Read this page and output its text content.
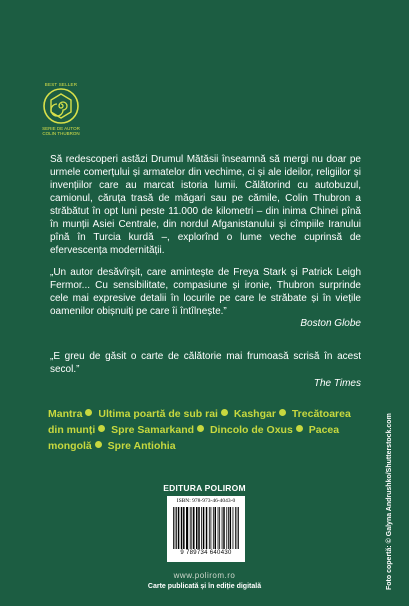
BEST SELLER
SERIE DE AUTOR
COLIN THUBRON
Să redescoperi astăzi Drumul Mătăsii înseamnă să mergi nu doar pe urmele comerțului și armatelor din vechime, ci și ale ideilor, religiilor și invențiilor care au marcat istoria lumii. Călătorind cu autobuzul, camionul, căruța trasă de măgari sau pe cămile, Colin Thubron a străbătut în opt luni peste 11.000 de kilometri – din inima Chinei pînă în munții Asiei Centrale, din nordul Afganistanului și cîmpiile Iranului pînă în Turcia kurdă –, explorînd o lume veche cuprinsă de efervescența modernității.
„Un autor desăvîrșit, care amintește de Freya Stark și Patrick Leigh Fermor... Cu sensibilitate, compasiune și ironie, Thubron surprinde cele mai expresive detalii în locurile pe care le străbate și în viețile oamenilor obișnuiți pe care îi întîlnește.”
Boston Globe
„E greu de găsit o carte de călătorie mai frumoasă scrisă în acest secol.”
The Times
Mantra Ultima poartă de sub rai Kashgar Trecătoarea din munți Spre Samarkand Dincolo de Oxus Pacea mongolă Spre Antiohia
EDITURA POLIROM
ISBN: 978-973-46-4043-0
9 789734 640430
www.polirom.ro
Carte publicată și în ediție digitală	Foto copertă: © Galyna Andrushko/Shutterstock.com
